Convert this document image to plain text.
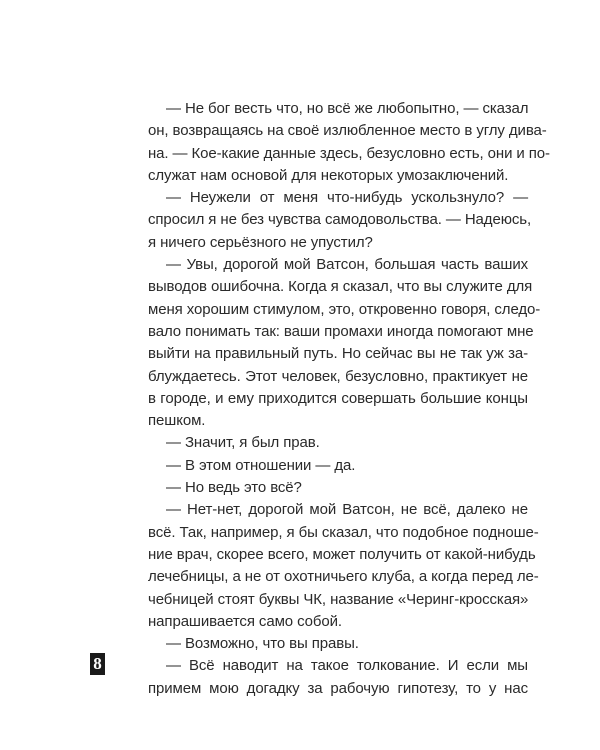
— Не бог весть что, но всё же любопытно, — сказал
он, возвращаясь на своё излюбленное место в углу дива-
на. — Кое-какие данные здесь, безусловно есть, они и по-
служат нам основой для некоторых умозаключений.
— Неужели от меня что-нибудь ускользнуло? —
спросил я не без чувства самодовольства. — Надеюсь,
я ничего серьёзного не упустил?
— Увы, дорогой мой Ватсон, большая часть ваших
выводов ошибочна. Когда я сказал, что вы служите для
меня хорошим стимулом, это, откровенно говоря, следо-
вало понимать так: ваши промахи иногда помогают мне
выйти на правильный путь. Но сейчас вы не так уж за-
блуждаетесь. Этот человек, безусловно, практикует не
в городе, и ему приходится совершать большие концы
пешком.
— Значит, я был прав.
— В этом отношении — да.
— Но ведь это всё?
— Нет-нет, дорогой мой Ватсон, не всё, далеко не
всё. Так, например, я бы сказал, что подобное подноше-
ние врач, скорее всего, может получить от какой-нибудь
лечебницы, а не от охотничьего клуба, а когда перед ле-
чебницей стоят буквы ЧК, название «Черинг-кросская»
напрашивается само собой.
— Возможно, что вы правы.
— Всё наводит на такое толкование. И если мы
примем мою догадку за рабочую гипотезу, то у нас
8
